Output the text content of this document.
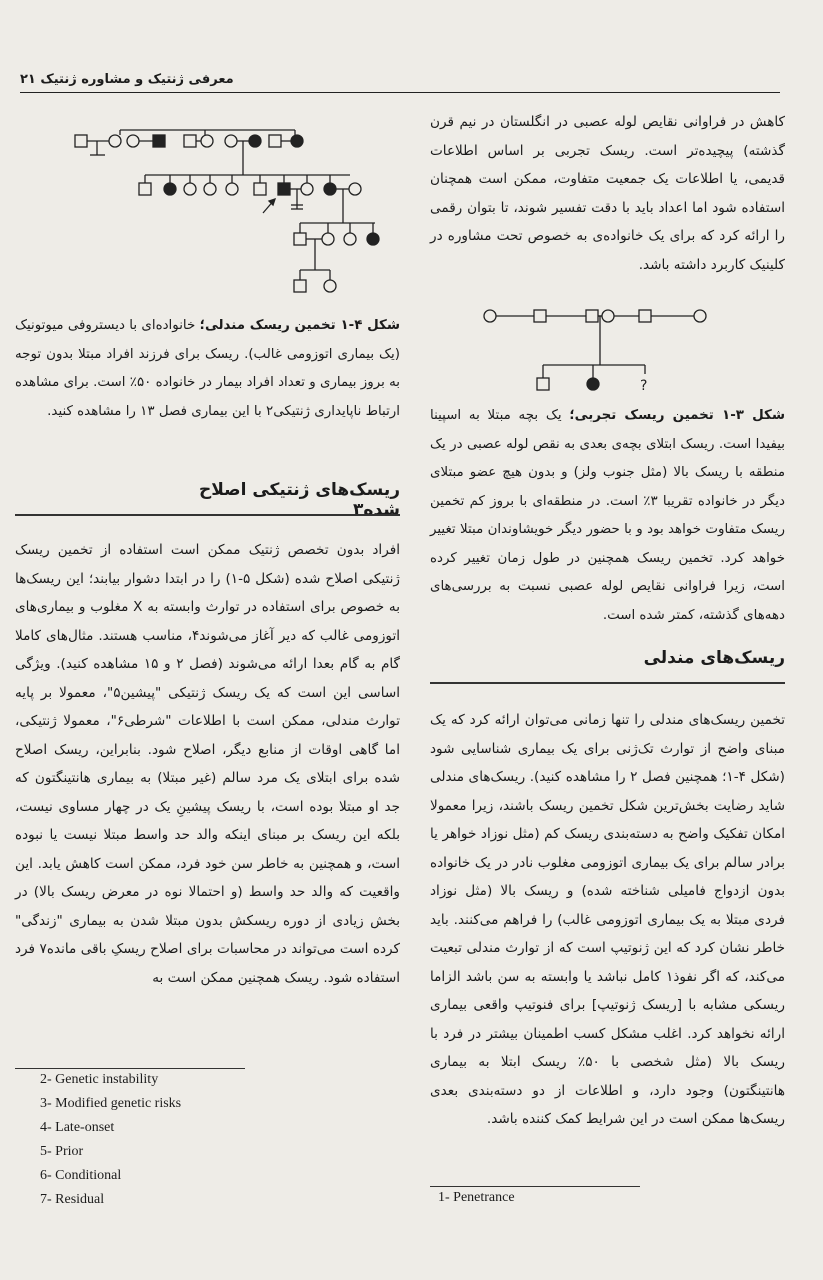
معرفی ژنتیک و مشاوره ژنتیک ۲۱
کاهش در فراوانی نقایص لوله عصبی در انگلستان در نیم قرن گذشته) پیچیده‌تر است. ریسک تجربی بر اساس اطلاعات قدیمی، یا اطلاعات یک جمعیت متفاوت، ممکن است همچنان استفاده شود اما اعداد باید با دقت تفسیر شوند، تا بتوان رقمی را ارائه کرد که برای یک خانواده‌ی به خصوص تحت مشاوره در کلینیک کاربرد داشته باشد.
?
شکل ۳-۱ تخمین ریسک تجربی؛ یک بچه مبتلا به اسپینا بیفیدا است. ریسک ابتلای بچه‌ی بعدی به نقص لوله عصبی در یک منطقه با ریسک بالا (مثل جنوب ولز) و بدون هیچ عضو مبتلای دیگر در خانواده تقریبا ۳٪ است. در منطقه‌ای با بروز کم تخمین ریسک متفاوت خواهد بود و با حضور دیگر خویشاوندان مبتلا تغییر خواهد کرد. تخمین ریسک همچنین در طول زمان تغییر کرده است، زیرا فراوانی نقایص لوله عصبی نسبت به بررسی‌های دهه‌های گذشته، کمتر شده است.
ریسک‌های مندلی
تخمین ریسک‌های مندلی را تنها زمانی می‌توان ارائه کرد که یک مبنای واضح از توارث تک‌ژنی برای یک بیماری شناسایی شود (شکل ۴-۱؛ همچنین فصل ۲ را مشاهده کنید). ریسک‌های مندلی شاید رضایت بخش‌ترین شکل تخمین ریسک باشند، زیرا معمولا امکان تفکیک واضح به دسته‌بندی ریسک کم (مثل نوزاد خواهر یا برادر سالم برای یک بیماری اتوزومی مغلوب نادر در یک خانواده بدون ازدواج فامیلی شناخته شده) و ریسک بالا (مثل نوزاد فردی مبتلا به یک بیماری اتوزومی غالب) را فراهم می‌کنند. باید خاطر نشان کرد که این ژنوتیپ است که از توارث مندلی تبعیت می‌کند، که اگر نفوذ۱ کامل نباشد یا وابسته به سن باشد الزاما ریسکی مشابه با [ریسک ژنوتیپ] برای فنوتیپ واقعی بیماری ارائه نخواهد کرد. اغلب مشکل کسب اطمینان بیشتر در فرد با ریسک بالا (مثل شخصی با ۵۰٪ ریسک ابتلا به بیماری هانتینگتون) وجود دارد، و اطلاعات از دو دسته‌بندی بعدی ریسک‌ها ممکن است در این شرایط کمک کننده باشد.
1- Penetrance
شکل ۴-۱ تخمین ریسک مندلی؛ خانواده‌ای با دیستروفی میوتونیک (یک بیماری اتوزومی غالب). ریسک برای فرزند افراد مبتلا بدون توجه به بروز بیماری و تعداد افراد بیمار در خانواده ۵۰٪ است. برای مشاهده ارتباط ناپایداری ژنتیکی۲ با این بیماری فصل ۱۳ را مشاهده کنید.
ریسک‌های ژنتیکی اصلاح شده۳
افراد بدون تخصص ژنتیک ممکن است استفاده از تخمین ریسک ژنتیکی اصلاح شده (شکل ۵-۱) را در ابتدا دشوار بیابند؛ این ریسک‌ها به خصوص برای استفاده در توارث وابسته به X مغلوب و بیماری‌های اتوزومی غالب که دیر آغاز می‌شوند۴، مناسب هستند. مثال‌های کاملا گام به گام بعدا ارائه می‌شوند (فصل ۲ و ۱۵ مشاهده کنید). ویژگی اساسی این است که یک ریسک ژنتیکی "پیشین۵"، معمولا بر پایه توارث مندلی، ممکن است با اطلاعات "شرطی۶"، معمولا ژنتیکی، اما گاهی اوقات از منابع دیگر، اصلاح شود. بنابراین، ریسک اصلاح شده برای ابتلای یک مرد سالم (غیر مبتلا) به بیماری هانتینگتون که جد او مبتلا بوده است، با ریسک پیشینِ یک در چهار مساوی نیست، بلکه این ریسک بر مبنای اینکه والد حد واسط مبتلا نیست یا نبوده است، و همچنین به خاطر سن خود فرد، ممکن است کاهش یابد. این واقعیت که والد حد واسط (و احتمالا نوه در معرض ریسک بالا) در بخش زیادی از دوره ریسکش بدون مبتلا شدن به بیماری "زندگی" کرده است می‌تواند در محاسبات برای اصلاح ریسکِ باقی مانده۷ فرد استفاده شود. ریسک همچنین ممکن است به
2- Genetic instability
3- Modified genetic risks
4- Late-onset
5- Prior
6- Conditional
7- Residual
